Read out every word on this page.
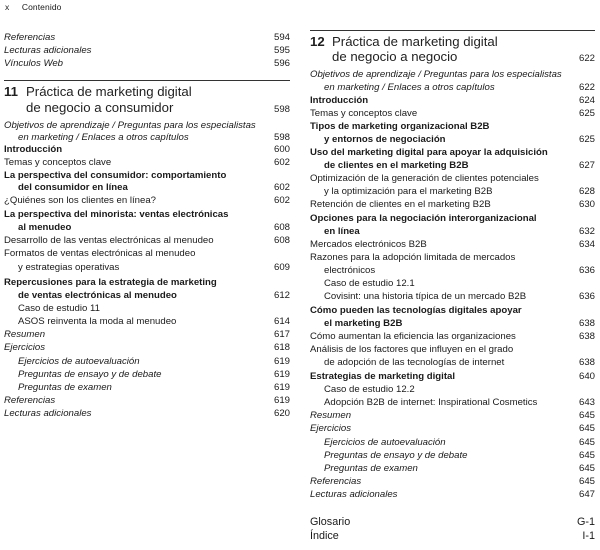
x Contenido
Referencias	594
Lecturas adicionales	595
Vínculos Web	596
11 Práctica de marketing digital
de negocio a consumidor	598
Objetivos de aprendizaje / Preguntas para los especialistas
en marketing / Enlaces a otros capítulos	598
Introducción	600
Temas y conceptos clave	602
La perspectiva del consumidor: comportamiento
del consumidor en línea	602
¿Quiénes son los clientes en línea?	602
La perspectiva del minorista: ventas electrónicas
al menudeo	608
Desarrollo de las ventas electrónicas al menudeo	608
Formatos de ventas electrónicas al menudeo
y estrategias operativas	609
Repercusiones para la estrategia de marketing
de ventas electrónicas al menudeo	612
Caso de estudio 11
ASOS reinventa la moda al menudeo	614
Resumen	617
Ejercicios	618
Ejercicios de autoevaluación	619
Preguntas de ensayo y de debate	619
Preguntas de examen	619
Referencias	619
Lecturas adicionales	620
12 Práctica de marketing digital
de negocio a negocio	622
Objetivos de aprendizaje / Preguntas para los especialistas
en marketing / Enlaces a otros capítulos	622
Introducción	624
Temas y conceptos clave	625
Tipos de marketing organizacional B2B
y entornos de negociación	625
Uso del marketing digital para apoyar la adquisición
de clientes en el marketing B2B	627
Optimización de la generación de clientes potenciales
y la optimización para el marketing B2B	628
Retención de clientes en el marketing B2B	630
Opciones para la negociación interorganizacional
en línea	632
Mercados electrónicos B2B	634
Razones para la adopción limitada de mercados
electrónicos	636
Caso de estudio 12.1
Covisint: una historia típica de un mercado B2B	636
Cómo pueden las tecnologías digitales apoyar
el marketing B2B	638
Cómo aumentan la eficiencia las organizaciones	638
Análisis de los factores que influyen en el grado
de adopción de las tecnologías de internet	638
Estrategias de marketing digital	640
Caso de estudio 12.2
Adopción B2B de internet: Inspirational Cosmetics	643
Resumen	645
Ejercicios	645
Ejercicios de autoevaluación	645
Preguntas de ensayo y de debate	645
Preguntas de examen	645
Referencias	645
Lecturas adicionales	647
Glosario	G-1
Índice	I-1
